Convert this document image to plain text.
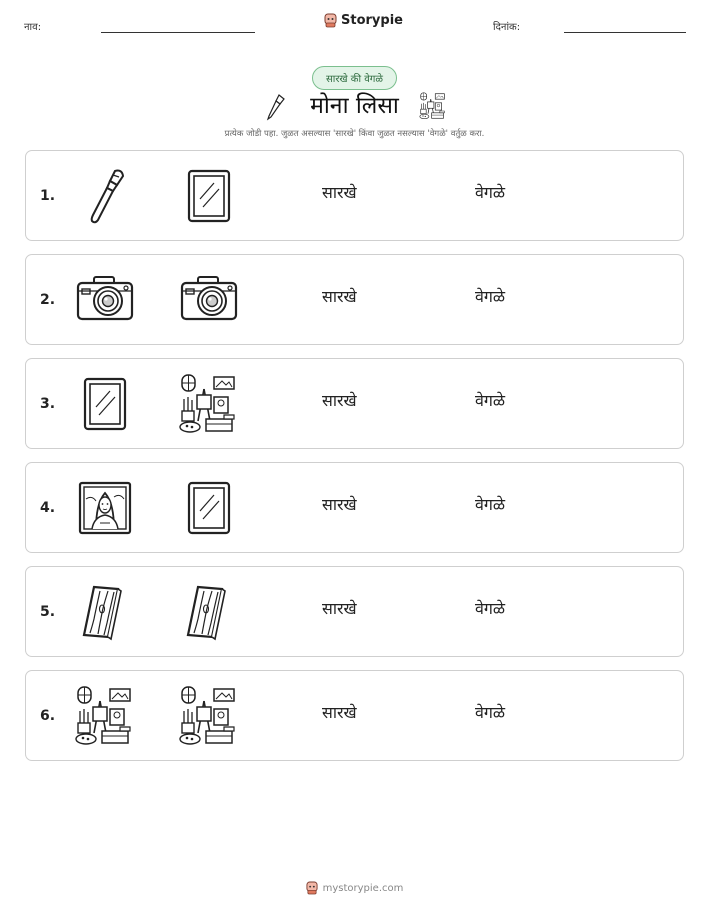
नाव:	Storypie	दिनांक:
सारखे की वेगळे
मोना लिसा
प्रत्येक जोडी पहा. जुळत असल्यास 'सारखे' किंवा जुळत नसल्यास 'वेगळे' वर्तुळ करा.
1.	सारखे	वेगळे
2.	सारखे	वेगळे
3.	सारखे	वेगळे
4.	सारखे	वेगळे
5.	सारखे	वेगळे
6.	सारखे	वेगळे
mystorypie.com
